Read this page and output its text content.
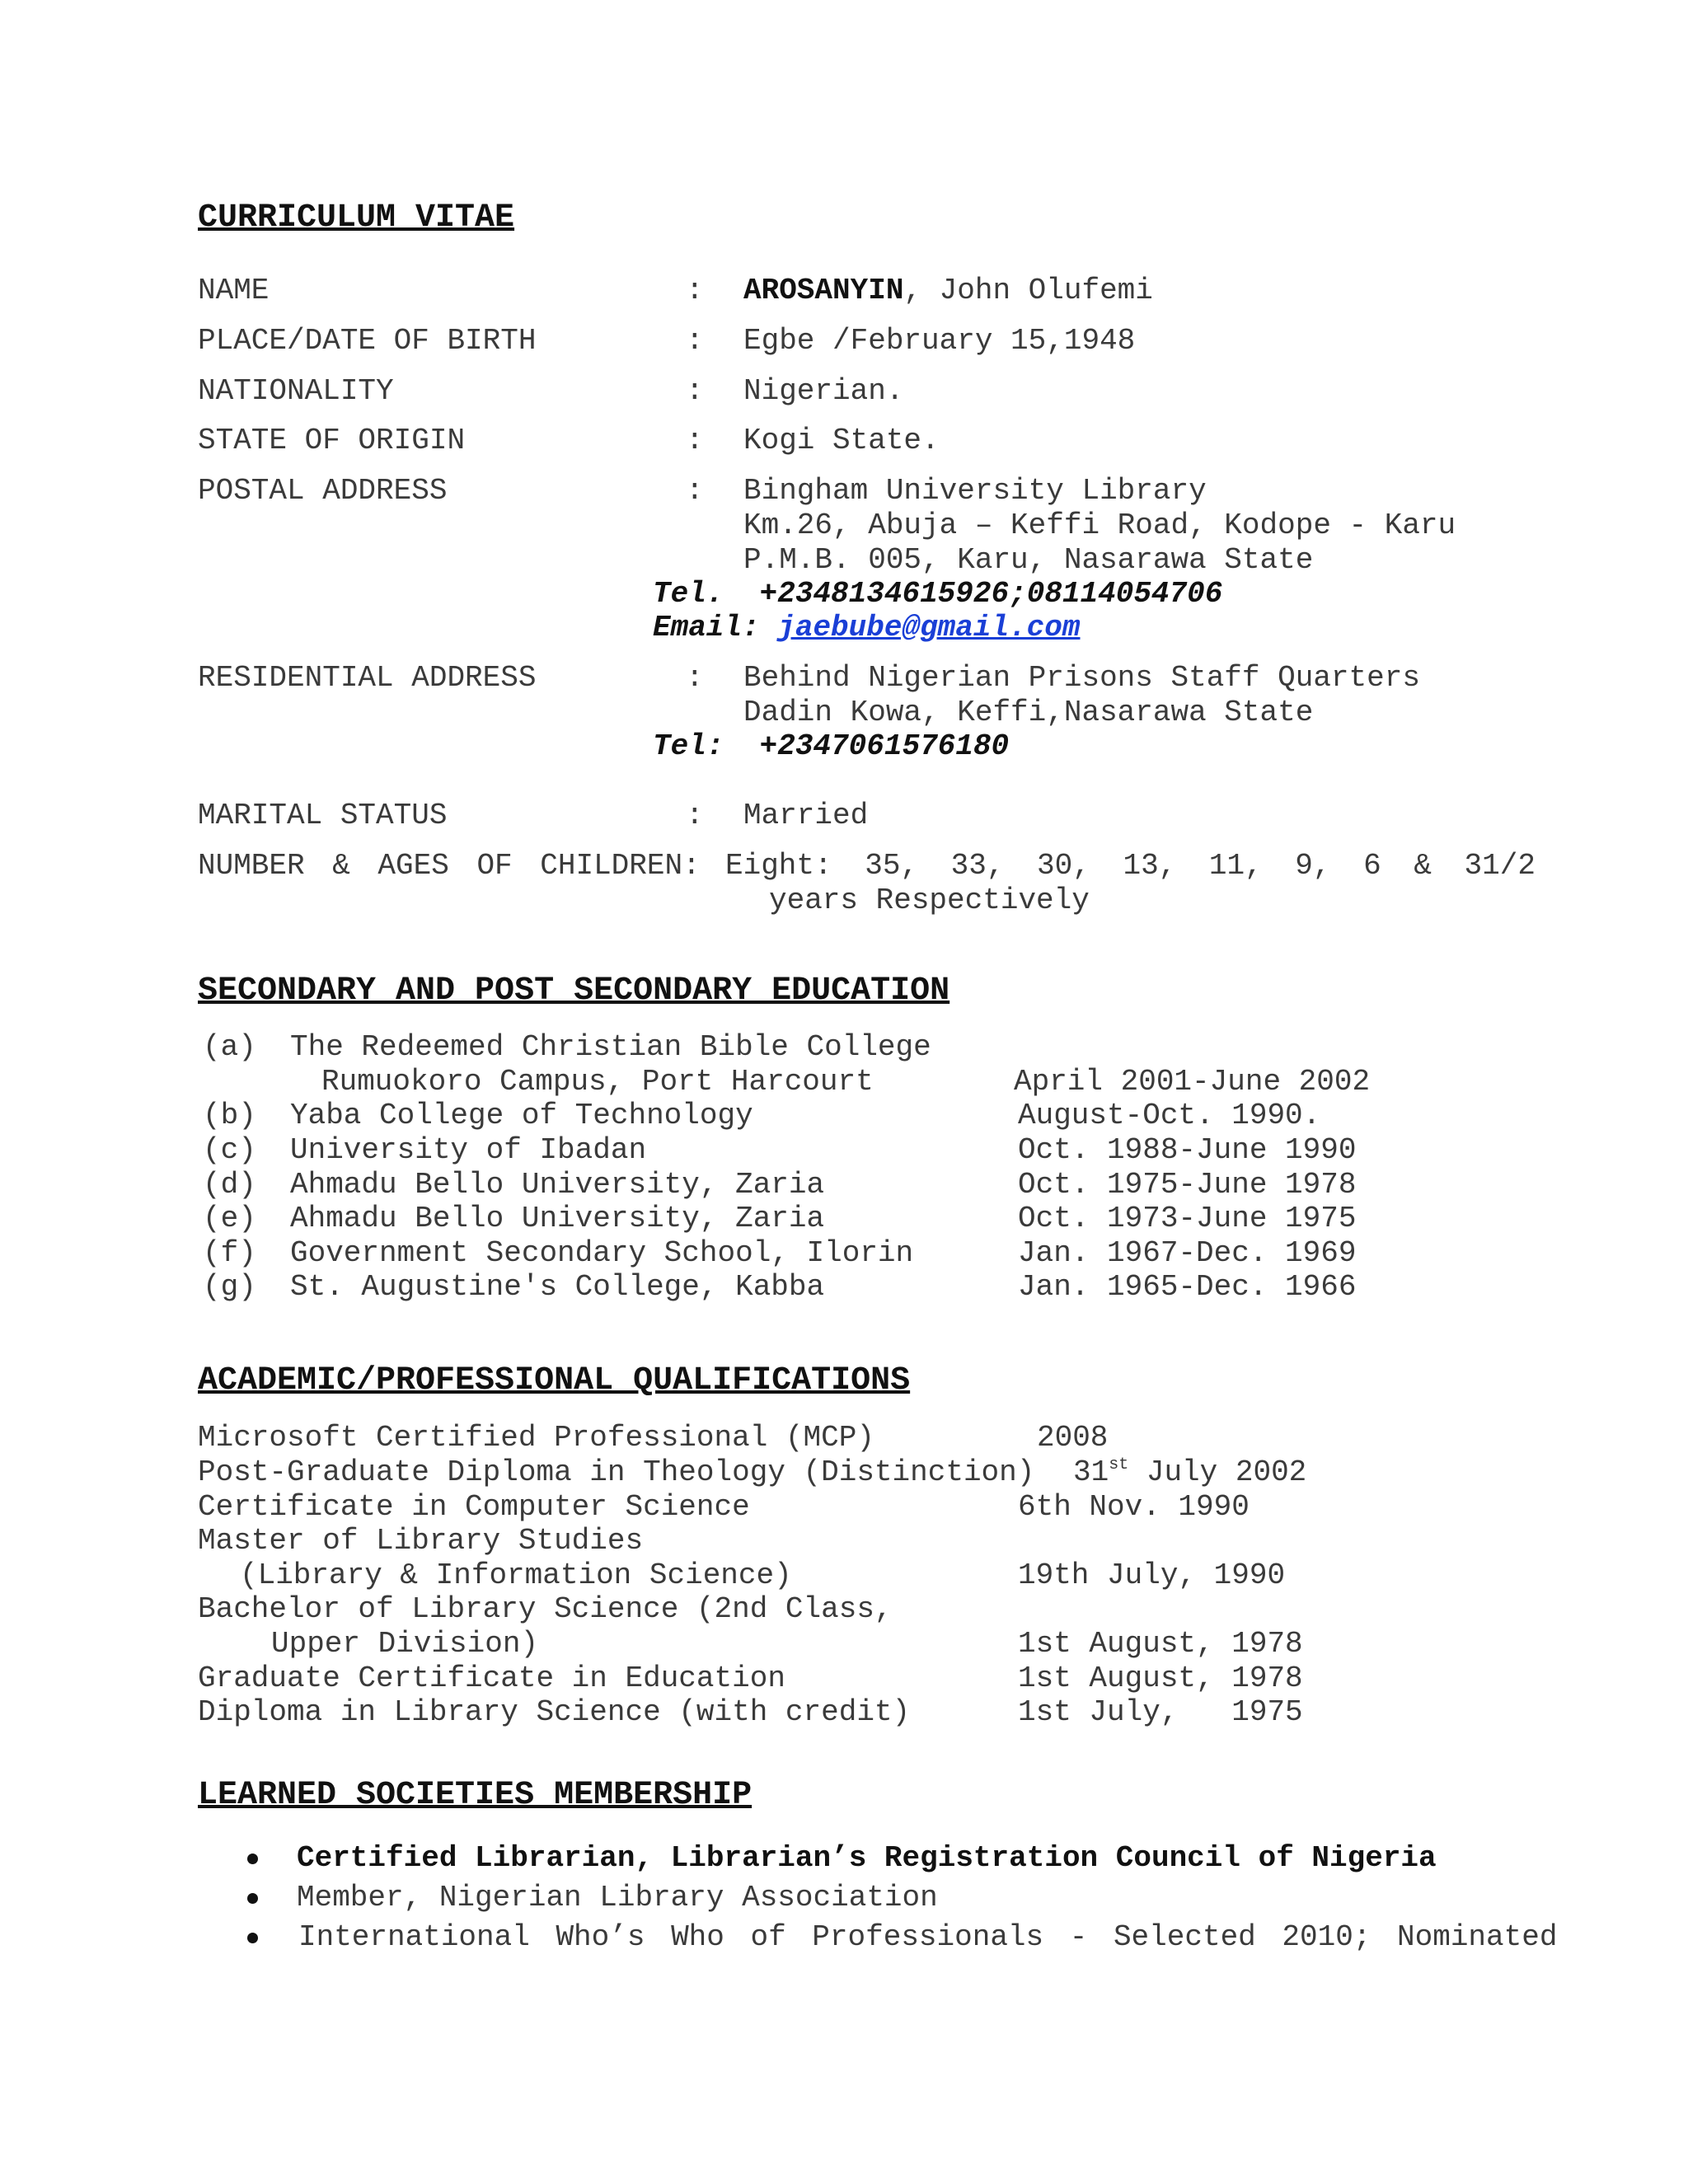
CURRICULUM VITAE
NAME	: AROSANYIN, John Olufemi
PLACE/DATE OF BIRTH	: Egbe /February 15,1948
NATIONALITY	: Nigerian.
STATE OF ORIGIN	: Kogi State.
POSTAL ADDRESS	: Bingham University Library
Km.26, Abuja – Keffi Road, Kodope - Karu
P.M.B. 005, Karu, Nasarawa State
Tel. +2348134615926;08114054706
Email: jaebube@gmail.com
RESIDENTIAL ADDRESS	: Behind Nigerian Prisons Staff Quarters
Dadin Kowa, Keffi,Nasarawa State
Tel: +2347061576180
MARITAL STATUS	: Married
NUMBER & AGES OF CHILDREN: Eight: 35, 33, 30, 13, 11, 9, 6 & 31/2
years Respectively
SECONDARY AND POST SECONDARY EDUCATION
(a) The Redeemed Christian Bible College
Rumuokoro Campus, Port Harcourt	April 2001-June 2002
(b) Yaba College of Technology	August-Oct. 1990.
(c) University of Ibadan	Oct. 1988-June 1990
(d) Ahmadu Bello University, Zaria	Oct. 1975-June 1978
(e) Ahmadu Bello University, Zaria	Oct. 1973-June 1975
(f) Government Secondary School, Ilorin	Jan. 1967-Dec. 1969
(g) St. Augustine's College, Kabba	Jan. 1965-Dec. 1966
ACADEMIC/PROFESSIONAL QUALIFICATIONS
Microsoft Certified Professional (MCP)	2008
Post-Graduate Diploma in Theology (Distinction) 31st July 2002
Certificate in Computer Science	6th Nov. 1990
Master of Library Studies
(Library & Information Science)	19th July, 1990
Bachelor of Library Science (2nd Class,
Upper Division)	1st August, 1978
Graduate Certificate in Education	1st August, 1978
Diploma in Library Science (with credit)	1st July,   1975
LEARNED SOCIETIES MEMBERSHIP
Certified Librarian, Librarian’s Registration Council of Nigeria
Member, Nigerian Library Association
International Who’s Who of Professionals - Selected 2010; Nominated
